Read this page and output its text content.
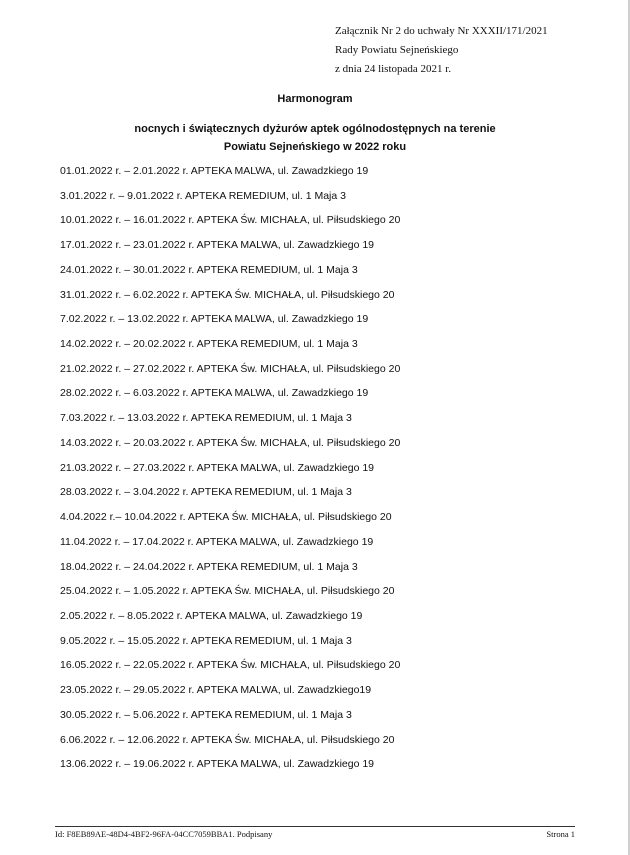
Załącznik Nr 2 do uchwały Nr XXXII/171/2021
Rady Powiatu Sejneńskiego
z dnia 24 listopada 2021 r.
Harmonogram
nocnych i świątecznych dyżurów aptek ogólnodostępnych na terenie
Powiatu Sejneńskiego w 2022 roku
01.01.2022 r. – 2.01.2022 r. APTEKA MALWA, ul. Zawadzkiego 19
3.01.2022 r. – 9.01.2022 r. APTEKA REMEDIUM, ul. 1 Maja 3
10.01.2022 r. – 16.01.2022 r. APTEKA Św. MICHAŁA, ul. Piłsudskiego 20
17.01.2022 r. – 23.01.2022 r. APTEKA MALWA, ul. Zawadzkiego 19
24.01.2022 r. – 30.01.2022 r. APTEKA REMEDIUM, ul. 1 Maja 3
31.01.2022 r. – 6.02.2022 r. APTEKA Św. MICHAŁA, ul. Piłsudskiego 20
7.02.2022 r. – 13.02.2022 r. APTEKA MALWA, ul. Zawadzkiego 19
14.02.2022 r. – 20.02.2022 r. APTEKA REMEDIUM, ul. 1 Maja 3
21.02.2022 r. – 27.02.2022 r. APTEKA Św. MICHAŁA, ul. Piłsudskiego 20
28.02.2022 r. – 6.03.2022 r. APTEKA MALWA, ul. Zawadzkiego 19
7.03.2022 r. – 13.03.2022 r. APTEKA REMEDIUM, ul. 1 Maja 3
14.03.2022 r. – 20.03.2022 r. APTEKA Św. MICHAŁA, ul. Piłsudskiego 20
21.03.2022 r. – 27.03.2022 r. APTEKA MALWA, ul. Zawadzkiego 19
28.03.2022 r. – 3.04.2022 r. APTEKA REMEDIUM, ul. 1 Maja 3
4.04.2022 r.– 10.04.2022 r. APTEKA Św. MICHAŁA, ul. Piłsudskiego 20
11.04.2022 r. – 17.04.2022 r. APTEKA MALWA, ul. Zawadzkiego 19
18.04.2022 r. – 24.04.2022 r. APTEKA REMEDIUM, ul. 1 Maja 3
25.04.2022 r. – 1.05.2022 r. APTEKA Św. MICHAŁA, ul. Piłsudskiego 20
2.05.2022 r. – 8.05.2022 r. APTEKA MALWA, ul. Zawadzkiego 19
9.05.2022 r. – 15.05.2022 r. APTEKA REMEDIUM, ul. 1 Maja 3
16.05.2022 r. – 22.05.2022 r. APTEKA Św. MICHAŁA, ul. Piłsudskiego 20
23.05.2022 r. – 29.05.2022 r. APTEKA MALWA, ul. Zawadzkiego19
30.05.2022 r. – 5.06.2022 r. APTEKA REMEDIUM, ul. 1 Maja 3
6.06.2022 r. – 12.06.2022 r. APTEKA Św. MICHAŁA, ul. Piłsudskiego 20
13.06.2022 r. – 19.06.2022 r. APTEKA MALWA, ul. Zawadzkiego 19
Id: F8EB89AE-48D4-4BF2-96FA-04CC7059BBA1. Podpisany	Strona 1
